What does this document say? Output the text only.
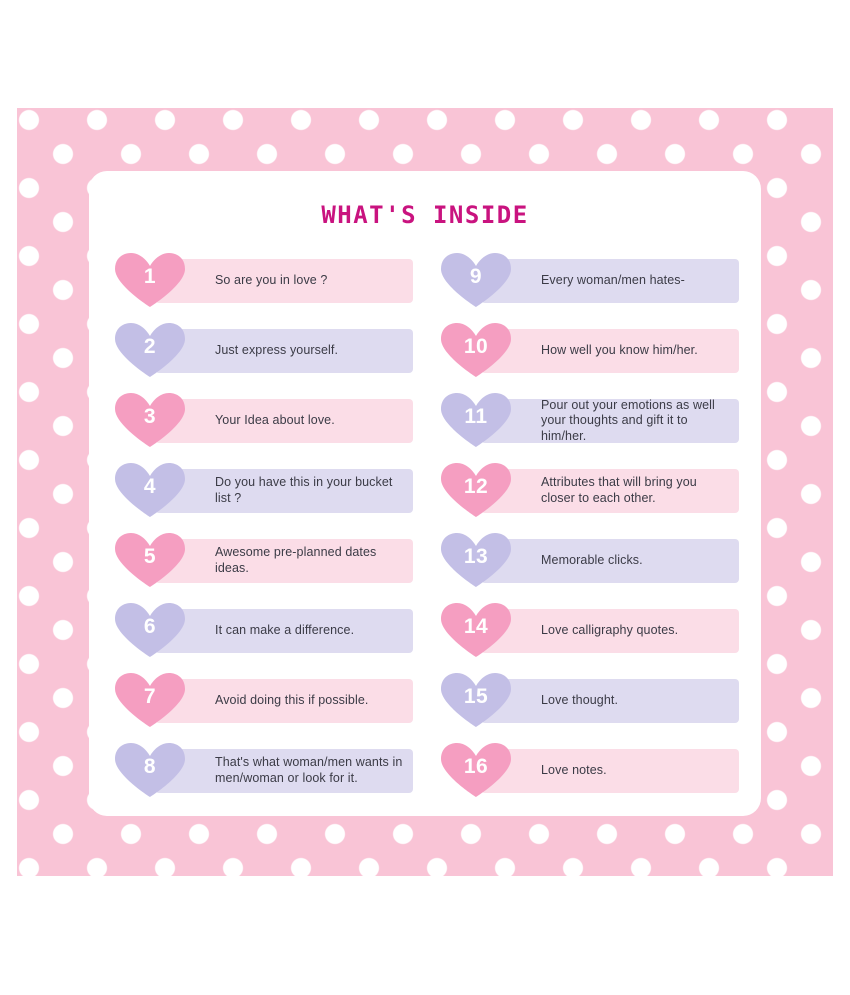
WHAT'S INSIDE
So are you in love ?
1
Just express yourself.
2
Your Idea about love.
3
Do you have this in your bucket list ?
4
Awesome pre-planned dates ideas.
5
It can make a difference.
6
Avoid doing this if possible.
7
That's what woman/men wants in men/woman or look for it.
8
Every woman/men hates-
9
How well you know him/her.
10
Pour out your emotions as well your thoughts and gift it to him/her.
11
Attributes that will bring you closer to each other.
12
Memorable clicks.
13
Love calligraphy quotes.
14
Love thought.
15
Love notes.
16
